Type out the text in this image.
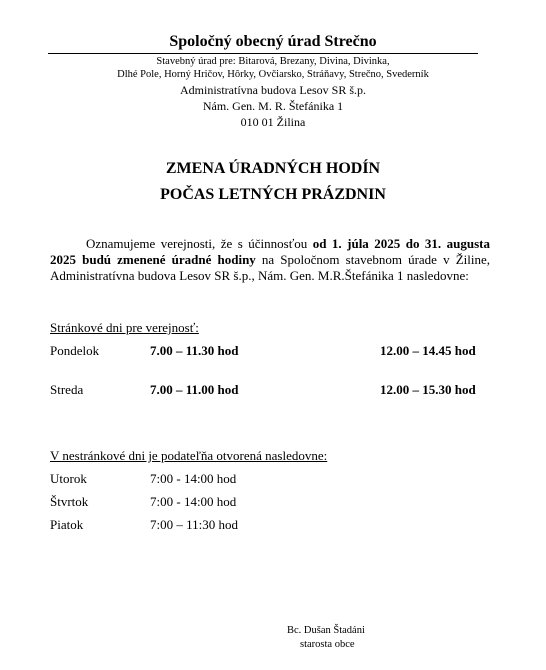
Spoločný obecný úrad Strečno
Stavebný úrad pre: Bitarová, Brezany, Divina, Divinka,
Dlhé Pole, Horný Hričov, Hôrky, Ovčiarsko, Stráňavy, Strečno, Svederník
Administratívna budova Lesov SR š.p.
Nám. Gen. M. R. Štefánika 1
010 01 Žilina
ZMENA ÚRADNÝCH HODÍN
POČAS LETNÝCH PRÁZDNIN
Oznamujeme verejnosti, že s účinnosťou od 1. júla 2025 do 31. augusta 2025 budú zmenené úradné hodiny na Spoločnom stavebnom úrade v Žiline, Administratívna budova Lesov SR š.p., Nám. Gen. M.R.Štefánika 1 nasledovne:
Stránkové dni pre verejnosť:
Pondelok	7.00 – 11.30 hod	12.00 – 14.45 hod
Streda	7.00 – 11.00 hod	12.00 – 15.30 hod
V nestránkové dni je podateľňa otvorená nasledovne:
Utorok	7:00 - 14:00 hod
Štvrtok	7:00 - 14:00 hod
Piatok	7:00 – 11:30 hod
Bc. Dušan Štadáni
starosta obce
